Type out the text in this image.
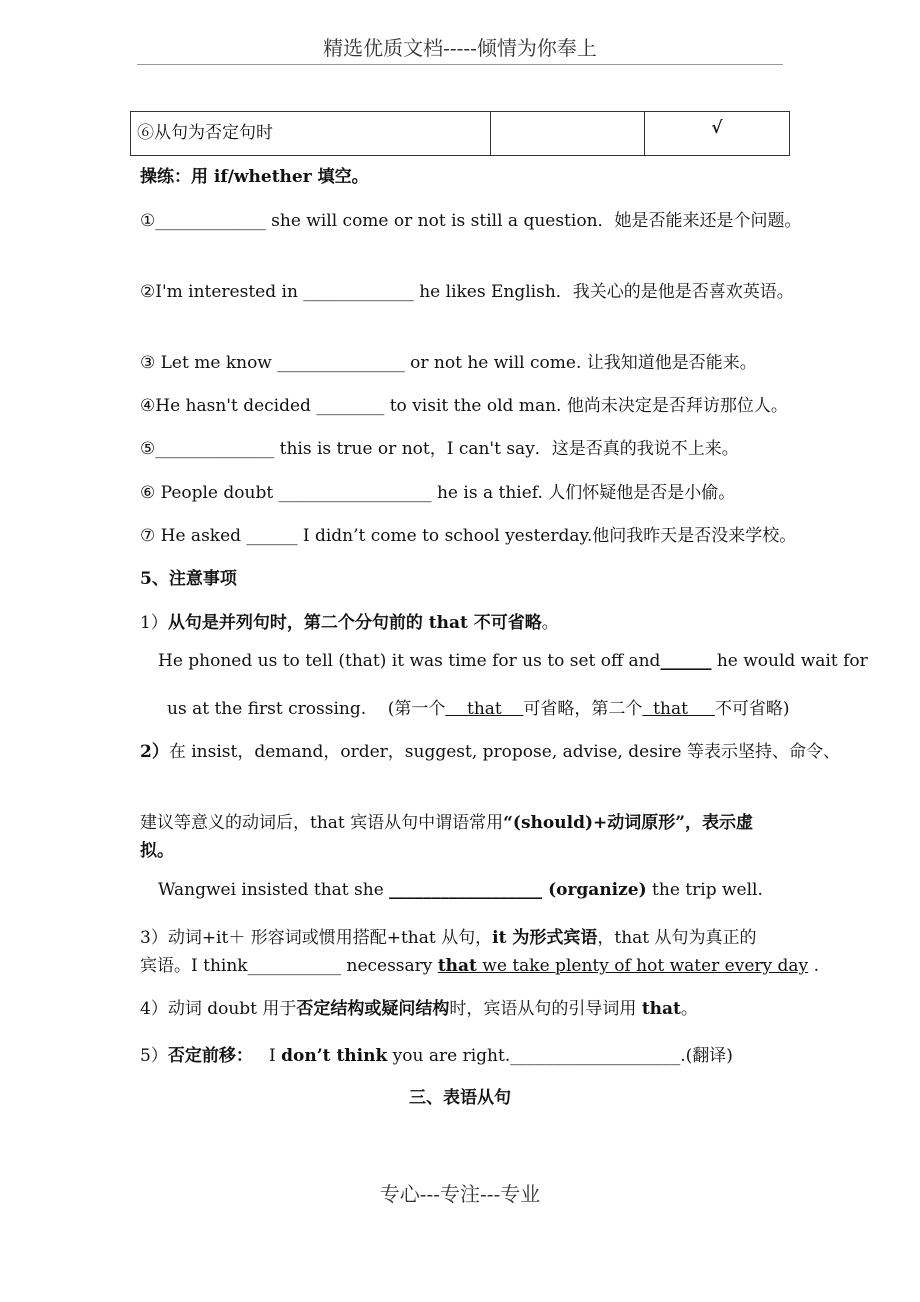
精选优质文档-----倾情为你奉上
⑥从句为否定句时		√
操练：用 if/whether 填空。
①_____________ she will come or not is still a question．她是否能来还是个问题。
②I'm interested in _____________ he likes English．我关心的是他是否喜欢英语。
③ Let me know _______________ or not he will come. 让我知道他是否能来。
④He hasn't decided ________ to visit the old man. 他尚未决定是否拜访那位人。
⑤______________ this is true or not，I can't say．这是否真的我说不上来。
⑥ People doubt __________________ he is a thief. 人们怀疑他是否是小偷。
⑦ He asked ______ I didn’t come to school yesterday.他问我昨天是否没来学校。
5、注意事项
1）从句是并列句时，第二个分句前的 that 不可省略。
He phoned us to tell (that) it was time for us to set off and______ he would wait for
us at the first crossing.    (第一个    that    可省略，第二个  that     不可省略)
2）在 insist，demand，order，suggest, propose, advise, desire 等表示坚持、命令、
建议等意义的动词后，that 宾语从句中谓语常用“(should)+动词原形”，表示虚
拟。
Wangwei insisted that she __________________ (organize) the trip well.
3）动词+it＋ 形容词或惯用搭配+that 从句，it 为形式宾语，that 从句为真正的
宾语。I think___________ necessary that we take plenty of hot water every day .
4）动词 doubt 用于否定结构或疑问结构时，宾语从句的引导词用 that。
5）否定前移：   I don’t think you are right.____________________.(翻译)
三、表语从句
专心---专注---专业
